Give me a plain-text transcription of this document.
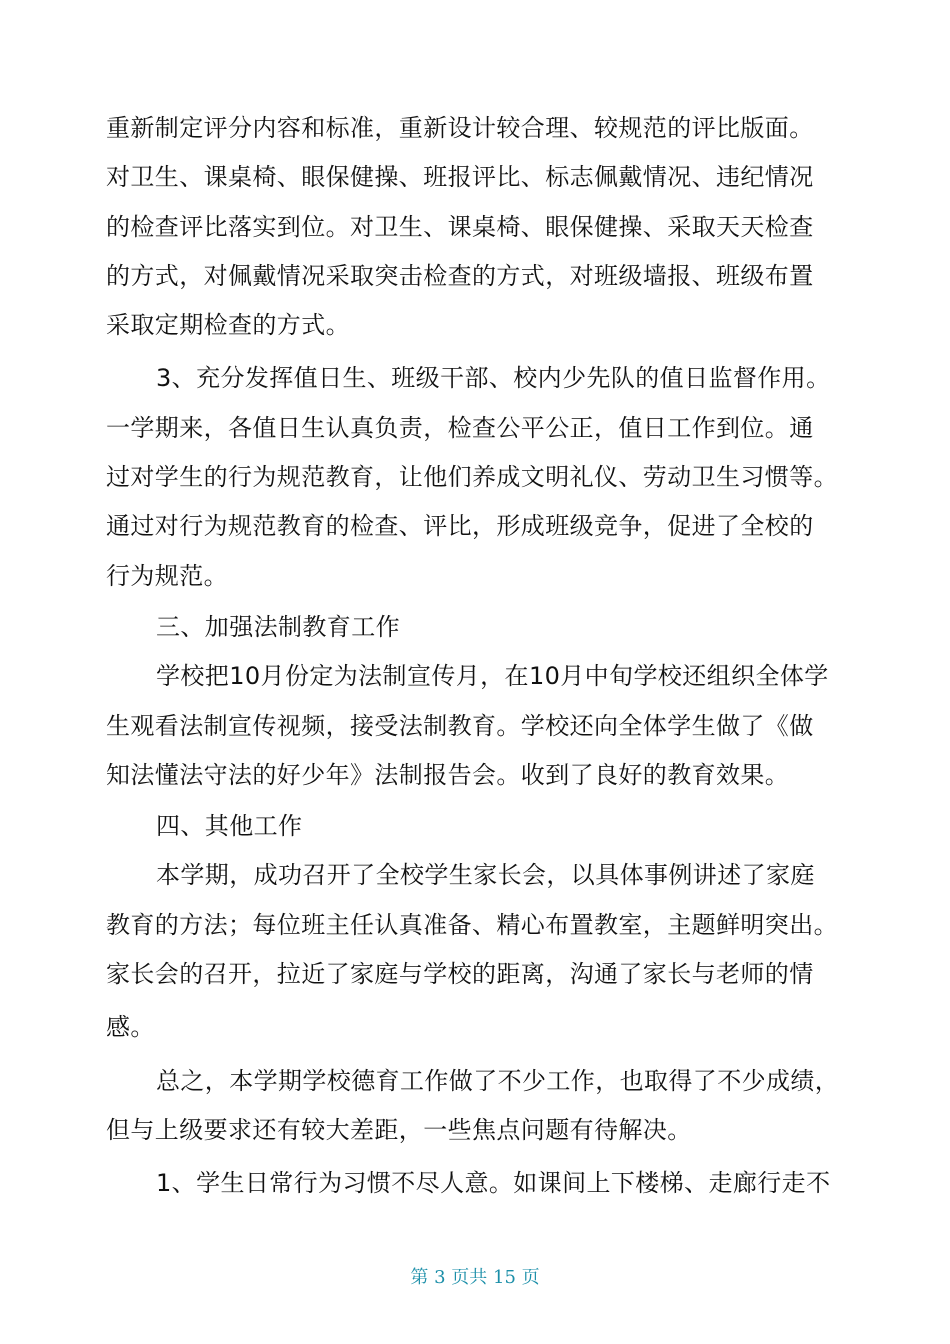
重新制定评分内容和标准，重新设计较合理、较规范的评比版面。
对卫生、课桌椅、眼保健操、班报评比、标志佩戴情况、违纪情况
的检查评比落实到位。对卫生、课桌椅、眼保健操、采取天天检查
的方式，对佩戴情况采取突击检查的方式，对班级墙报、班级布置
采取定期检查的方式。
3、充分发挥值日生、班级干部、校内少先队的值日监督作用。
一学期来，各值日生认真负责，检查公平公正，值日工作到位。通
过对学生的行为规范教育，让他们养成文明礼仪、劳动卫生习惯等。
通过对行为规范教育的检查、评比，形成班级竞争，促进了全校的
行为规范。
三、加强法制教育工作
学校把10月份定为法制宣传月，在10月中旬学校还组织全体学
生观看法制宣传视频，接受法制教育。学校还向全体学生做了《做
知法懂法守法的好少年》法制报告会。收到了良好的教育效果。
四、其他工作
本学期，成功召开了全校学生家长会，以具体事例讲述了家庭
教育的方法；每位班主任认真准备、精心布置教室，主题鲜明突出。
家长会的召开，拉近了家庭与学校的距离，沟通了家长与老师的情
感。
总之，本学期学校德育工作做了不少工作，也取得了不少成绩，
但与上级要求还有较大差距，一些焦点问题有待解决。
1、学生日常行为习惯不尽人意。如课间上下楼梯、走廊行走不
第 3 页共 15 页
